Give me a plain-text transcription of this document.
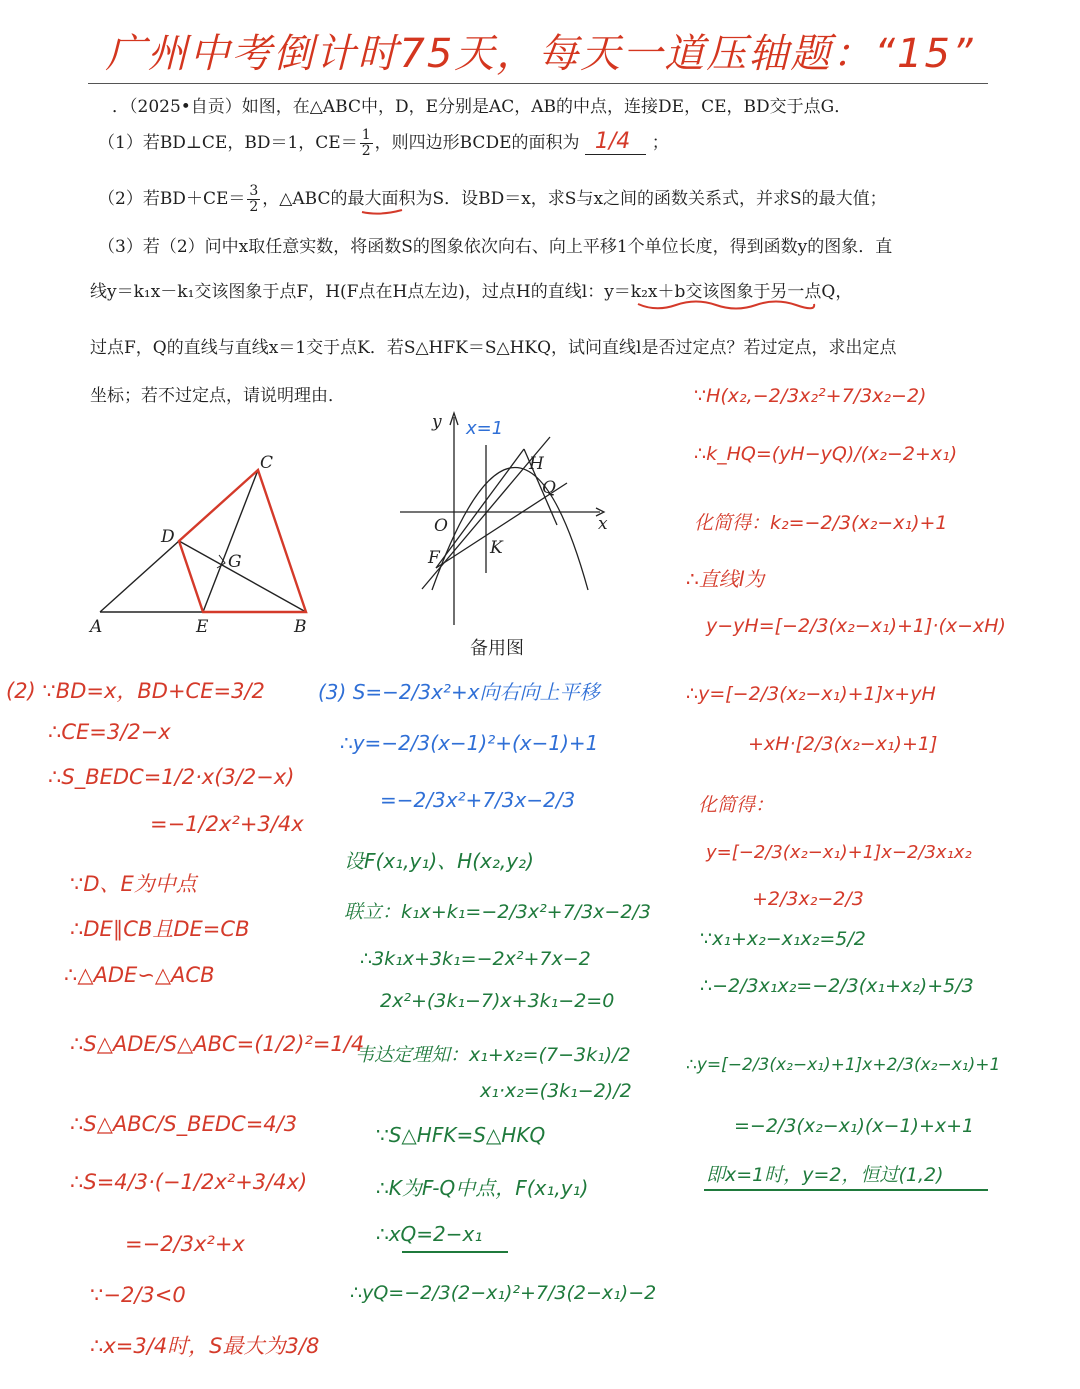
广州中考倒计时75天，每天一道压轴题：“15”
．（2025•自贡）如图，在△ABC中，D，E分别是AC，AB的中点，连接DE，CE，BD交于点G．
（1）若BD⊥CE，BD＝1，$CE= \frac{1}{2}$ ，则四边形BCDE的面积为 1/4 ；
（2）若$BD+CE= \frac{3}{2}$ ，△ABC的最大面积为S．设BD＝x，求S与x之间的函数关系式，并求S的最大值；
（3）若（2）问中x取任意实数，将函数S的图象依次向右、向上平移1个单位长度，得到函数y的图象．直
线y＝k₁x－k₁交该图象于点F，H(F点在H点左边)，过点H的直线l：y＝k₂x＋b交该图象于另一点Q，
过点F，Q的直线与直线x＝1交于点K．若S△HFK＝S△HKQ，试问直线l是否过定点？若过定点，求出定点
坐标；若不过定点，请说明理由．
A	B
C
D
E
G
x=1
y
x
O
F	K
H
Q
备用图
(2) ∵BD=x，BD+CE=3/2
∴CE=3/2−x
∴S_BEDC=1/2·x(3/2−x)
=−1/2x²+3/4x
∵D、E为中点
∴DE∥CB且DE=CB
∴△ADE∽△ACB
∴S△ADE/S△ABC=(1/2)²=1/4
∴S△ABC/S_BEDC=4/3
∴S=4/3·(−1/2x²+3/4x)
=−2/3x²+x
∵−2/3<0
∴x=3/4时，S最大为3/8
(3) S=−2/3x²+x向右向上平移
∴y=−2/3(x−1)²+(x−1)+1
=−2/3x²+7/3x−2/3
设F(x₁,y₁)、H(x₂,y₂)
联立：k₁x+k₁=−2/3x²+7/3x−2/3
∴3k₁x+3k₁=−2x²+7x−2
2x²+(3k₁−7)x+3k₁−2=0
韦达定理知：x₁+x₂=(7−3k₁)/2
x₁·x₂=(3k₁−2)/2
∵S△HFK=S△HKQ
∴K为F-Q中点，F(x₁,y₁)
∴xQ=2−x₁
∴yQ=−2/3(2−x₁)²+7/3(2−x₁)−2
∵H(x₂,−2/3x₂²+7/3x₂−2)
∴k_HQ=(yH−yQ)/(x₂−2+x₁)
化简得：k₂=−2/3(x₂−x₁)+1
∴直线l为
y−yH=[−2/3(x₂−x₁)+1]·(x−xH)
∴y=[−2/3(x₂−x₁)+1]x+yH
+xH·[2/3(x₂−x₁)+1]
化简得：
y=[−2/3(x₂−x₁)+1]x−2/3x₁x₂
+2/3x₂−2/3
∵x₁+x₂−x₁x₂=5/2
∴−2/3x₁x₂=−2/3(x₁+x₂)+5/3
∴y=[−2/3(x₂−x₁)+1]x+2/3(x₂−x₁)+1
=−2/3(x₂−x₁)(x−1)+x+1
即x=1时，y=2，恒过(1,2)
